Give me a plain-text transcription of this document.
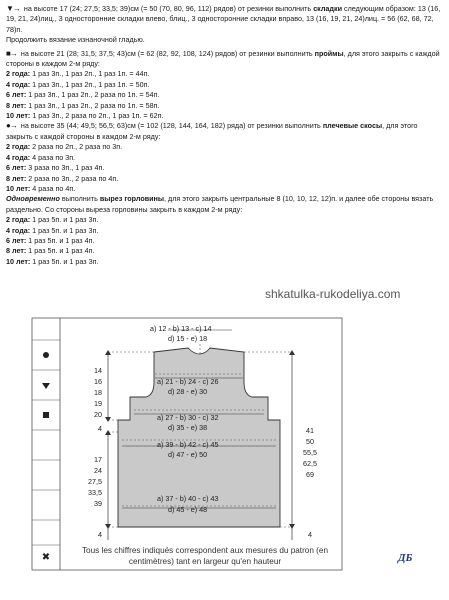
▼→ на высоте 17 (24; 27,5; 33,5; 39)см (= 50 (70, 80, 96, 112) рядов) от резинки выполнить складки следующим образом: 13 (16, 19, 21, 24)лиц., 3 односторонние складки влево, блиц., 3 односторонние складки вправо, 13 (16, 19, 21, 24)лиц. = 56 (62, 68, 72, 78)п.

Продолжить вязание изнаночной гладью.

■→ на высоте 21 (28; 31,5; 37,5; 43)см (= 62 (82, 92, 108, 124) рядов) от резинки выполнить проймы, для этого закрыть с каждой стороны в каждом 2-м ряду:

2 года: 1 раз 3п., 1 раз 2п., 1 раз 1п. = 44п.

4 года: 1 раз 3п., 1 раз 2п., 1 раз 1п. = 50п.

6 лет: 1 раз 3п., 1 раз 2п., 2 раза по 1п. = 54п.

8 лет: 1 раз 3п., 1 раз 2п., 2 раза по 1п. = 58п.

10 лет: 1 раз 3п., 2 раза по 2п., 1 раз 1п. = 62п.

●→ на высоте 35 (44; 49,5; 56,5; 63)см (= 102 (128, 144, 164, 182) ряда) от резинки выполнить плечевые скосы, для этого закрыть с каждой стороны в каждом 2-м ряду:

2 года: 2 раза по 2п., 2 раза по 3п.

4 года: 4 раза по 3п.

6 лет: 3 раза по 3п., 1 раз 4п.

8 лет: 2 раза по 3п., 2 раза по 4п.

10 лет: 4 раза по 4п.

Одновременно выполнить вырез горловины, для этого закрыть центральные 8 (10, 10, 12, 12)п. и далее обе стороны вязать раздельно. Со стороны выреза горловины закрыть в каждом 2-м ряду:

2 года: 1 раз 5п. и 1 раз 3п.

4 года: 1 раз 5п. и 1 раз 3п.

6 лет: 1 раз 5п. и 1 раз 4п.

8 лет: 1 раз 5п. и 1 раз 4п.

10 лет: 1 раз 5п. и 1 раз 3п.

shkatulka-rukodeliya.com
✖
a) 12 - b) 13 - c) 14
d) 15 - e) 18
a) 21 - b) 24 - c) 26
d) 28 - e) 30
a) 27 - b) 30 - c) 32
d) 35 - e) 38
a) 39 - b) 42 - c) 45
d) 47 - e) 50
a) 37 - b) 40 - c) 43
d) 45 - e) 48
14
16
18
19
20
4
17
24
27,5
33,5
39
4
41
50
55,5
62,5
69
4
Tous les chiffres indiqués correspondent aux mesures du patron (en centimètres) tant en largeur qu'en hauteur	ДБ
